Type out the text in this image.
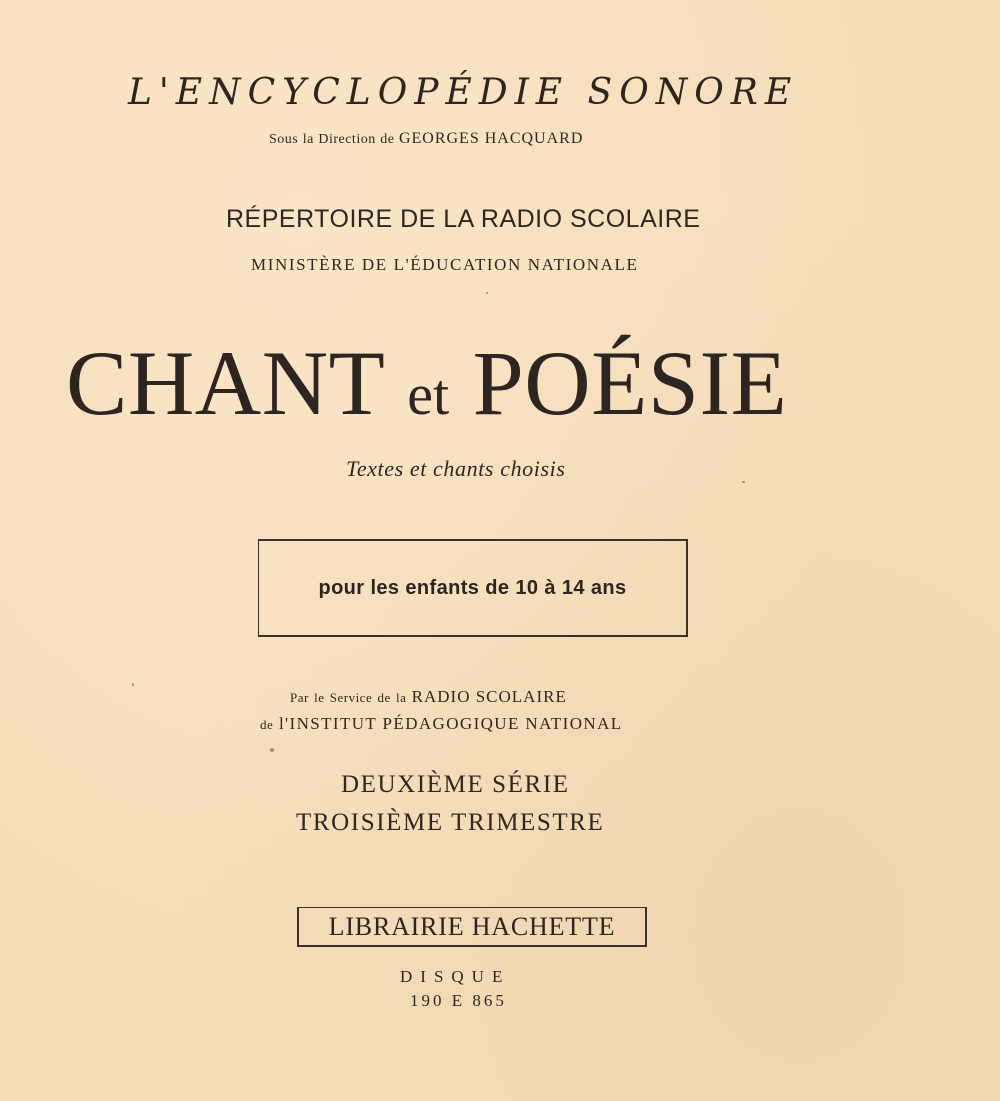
L'ENCYCLOPÉDIE SONORE
Sous la Direction de GEORGES HACQUARD
RÉPERTOIRE DE LA RADIO SCOLAIRE
MINISTÈRE DE L'ÉDUCATION NATIONALE
CHANT et POÉSIE
Textes et chants choisis
pour les enfants de 10 à 14 ans
Par le Service de la RADIO SCOLAIRE
de l'INSTITUT PÉDAGOGIQUE NATIONAL
DEUXIÈME SÉRIE
TROISIÈME TRIMESTRE
LIBRAIRIE HACHETTE
DISQUE
190 E 865
